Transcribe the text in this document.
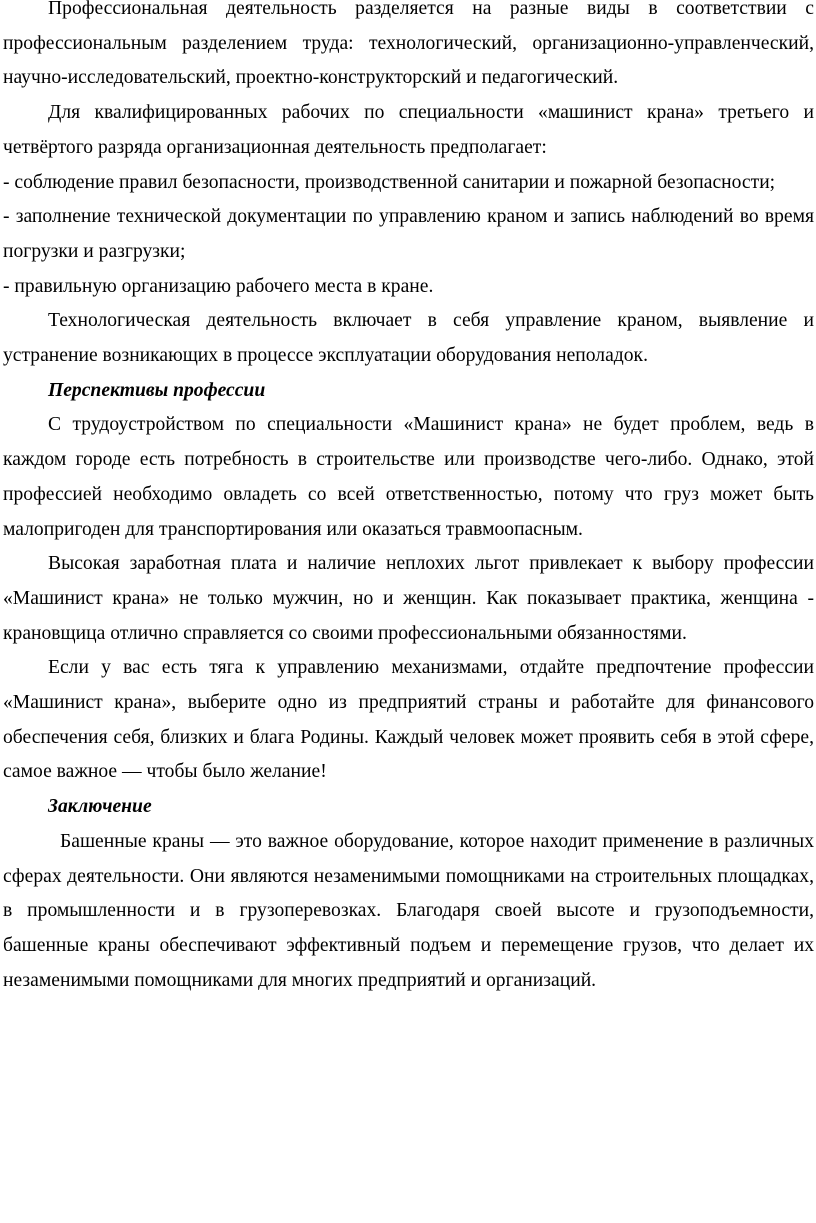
Профессиональная деятельность разделяется на разные виды в соответствии с профессиональным разделением труда: технологический, организационно-управленческий, научно-исследовательский, проектно-конструкторский и педагогический.

Для квалифицированных рабочих по специальности «машинист крана» третьего и четвёртого разряда организационная деятельность предполагает:

- соблюдение правил безопасности, производственной санитарии и пожарной безопасности;

- заполнение технической документации по управлению краном и запись наблюдений во время погрузки и разгрузки;

- правильную организацию рабочего места в кране.

Технологическая деятельность включает в себя управление краном, выявление и устранение возникающих в процессе эксплуатации оборудования неполадок.

Перспективы профессии

С трудоустройством по специальности «Машинист крана» не будет проблем, ведь в каждом городе есть потребность в строительстве или производстве чего-либо. Однако, этой профессией необходимо овладеть со всей ответственностью, потому что груз может быть малопригоден для транспортирования или оказаться травмоопасным.

Высокая заработная плата и наличие неплохих льгот привлекает к выбору профессии «Машинист крана» не только мужчин, но и женщин. Как показывает практика, женщина - крановщица отлично справляется со своими профессиональными обязанностями.

Если у вас есть тяга к управлению механизмами, отдайте предпочтение профессии «Машинист крана», выберите одно из предприятий страны и работайте для финансового обеспечения себя, близких и блага Родины. Каждый человек может проявить себя в этой сфере, самое важное — чтобы было желание!

Заключение

Башенные краны — это важное оборудование, которое находит применение в различных сферах деятельности. Они являются незаменимыми помощниками на строительных площадках, в промышленности и в грузоперевозках. Благодаря своей высоте и грузоподъемности, башенные краны обеспечивают эффективный подъем и перемещение грузов, что делает их незаменимыми помощниками для многих предприятий и организаций.
